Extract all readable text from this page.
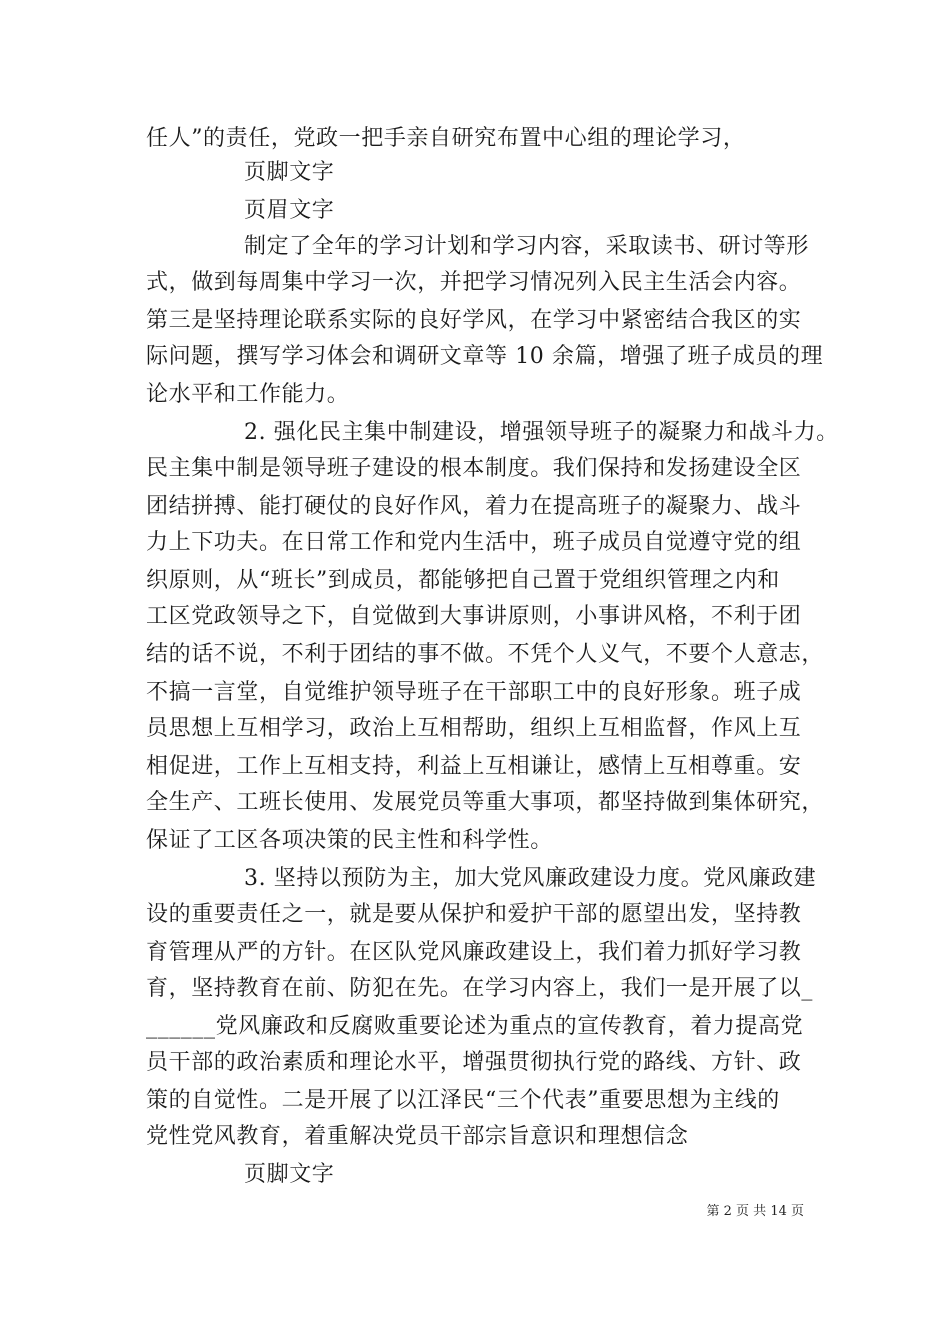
任人”的责任，党政一把手亲自研究布置中心组的理论学习，
页脚文字
页眉文字
制定了全年的学习计划和学习内容，采取读书、研讨等形
式，做到每周集中学习一次，并把学习情况列入民主生活会内容。
第三是坚持理论联系实际的良好学风，在学习中紧密结合我区的实
际问题，撰写学习体会和调研文章等 10 余篇，增强了班子成员的理
论水平和工作能力。
2. 强化民主集中制建设，增强领导班子的凝聚力和战斗力。
民主集中制是领导班子建设的根本制度。我们保持和发扬建设全区
团结拼搏、能打硬仗的良好作风，着力在提高班子的凝聚力、战斗
力上下功夫。在日常工作和党内生活中，班子成员自觉遵守党的组
织原则，从“班长”到成员，都能够把自己置于党组织管理之内和
工区党政领导之下，自觉做到大事讲原则，小事讲风格，不利于团
结的话不说，不利于团结的事不做。不凭个人义气，不要个人意志，
不搞一言堂，自觉维护领导班子在干部职工中的良好形象。班子成
员思想上互相学习，政治上互相帮助，组织上互相监督，作风上互
相促进，工作上互相支持，利益上互相谦让，感情上互相尊重。安
全生产、工班长使用、发展党员等重大事项，都坚持做到集体研究，
保证了工区各项决策的民主性和科学性。
3. 坚持以预防为主，加大党风廉政建设力度。党风廉政建
设的重要责任之一，就是要从保护和爱护干部的愿望出发，坚持教
育管理从严的方针。在区队党风廉政建设上，我们着力抓好学习教
育，坚持教育在前、防犯在先。在学习内容上，我们一是开展了以_
______党风廉政和反腐败重要论述为重点的宣传教育，着力提高党
员干部的政治素质和理论水平，增强贯彻执行党的路线、方针、政
策的自觉性。二是开展了以江泽民“三个代表”重要思想为主线的
党性党风教育，着重解决党员干部宗旨意识和理想信念
页脚文字
第 2 页 共 14 页
